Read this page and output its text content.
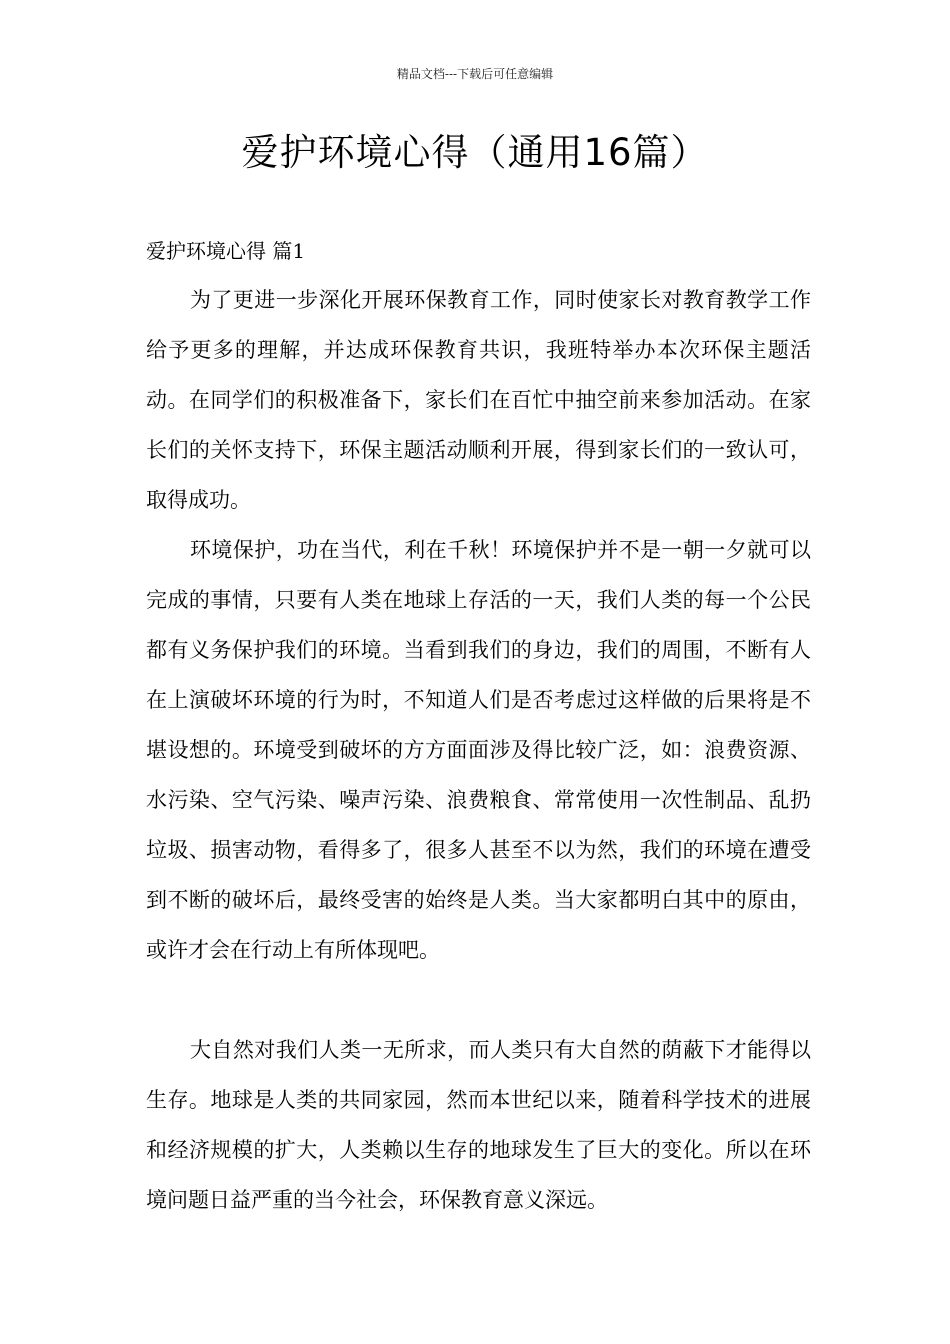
精品文档---下载后可任意编辑
爱护环境心得（通用16篇）
爱护环境心得 篇1

为了更进一步深化开展环保教育工作，同时使家长对教育教学工作给予更多的理解，并达成环保教育共识，我班特举办本次环保主题活动。在同学们的积极准备下，家长们在百忙中抽空前来参加活动。在家长们的关怀支持下，环保主题活动顺利开展，得到家长们的一致认可，取得成功。

环境保护，功在当代，利在千秋！环境保护并不是一朝一夕就可以完成的事情，只要有人类在地球上存活的一天，我们人类的每一个公民都有义务保护我们的环境。当看到我们的身边，我们的周围，不断有人在上演破坏环境的行为时，不知道人们是否考虑过这样做的后果将是不堪设想的。环境受到破坏的方方面面涉及得比较广泛，如：浪费资源、水污染、空气污染、噪声污染、浪费粮食、常常使用一次性制品、乱扔垃圾、损害动物，看得多了，很多人甚至不以为然，我们的环境在遭受到不断的破坏后，最终受害的始终是人类。当大家都明白其中的原由，或许才会在行动上有所体现吧。

大自然对我们人类一无所求，而人类只有大自然的荫蔽下才能得以生存。地球是人类的共同家园，然而本世纪以来，随着科学技术的进展和经济规模的扩大，人类赖以生存的地球发生了巨大的变化。所以在环境问题日益严重的当今社会，环保教育意义深远。
